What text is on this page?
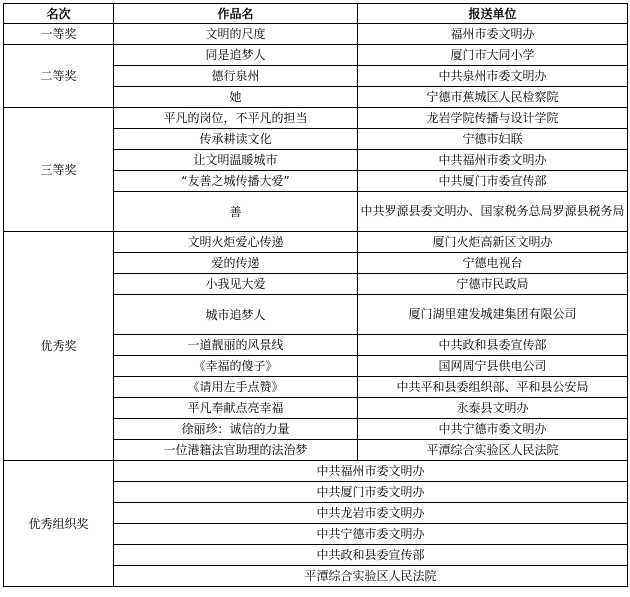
名次	作品名	报送单位
一等奖	文明的尺度	福州市委文明办
二等奖	同是追梦人	厦门市大同小学
	德行泉州	中共泉州市委文明办
	她	宁德市蕉城区人民检察院
三等奖	平凡的岗位，不平凡的担当	龙岩学院传播与设计学院
	传承耕读文化	宁德市妇联
	让文明温暖城市	中共福州市委文明办
	“友善之城传播大爱”	中共厦门市委宣传部
	善	中共罗源县委文明办、国家税务总局罗源县税务局
优秀奖	文明火炬爱心传递	厦门火炬高新区文明办
	爱的传递	宁德电视台
	小我见大爱	宁德市民政局
	城市追梦人	厦门湖里建发城建集团有限公司
	一道靓丽的风景线	中共政和县委宣传部
	《幸福的傻子》	国网周宁县供电公司
	《请用左手点赞》	中共平和县委组织部、平和县公安局
	平凡奉献点亮幸福	永泰县文明办
	徐丽珍：诚信的力量	中共宁德市委文明办
	一位港籍法官助理的法治梦	平潭综合实验区人民法院
优秀组织奖	中共福州市委文明办	
	中共厦门市委文明办	
	中共龙岩市委文明办	
	中共宁德市委文明办	
	中共政和县委宣传部	
	平潭综合实验区人民法院	
